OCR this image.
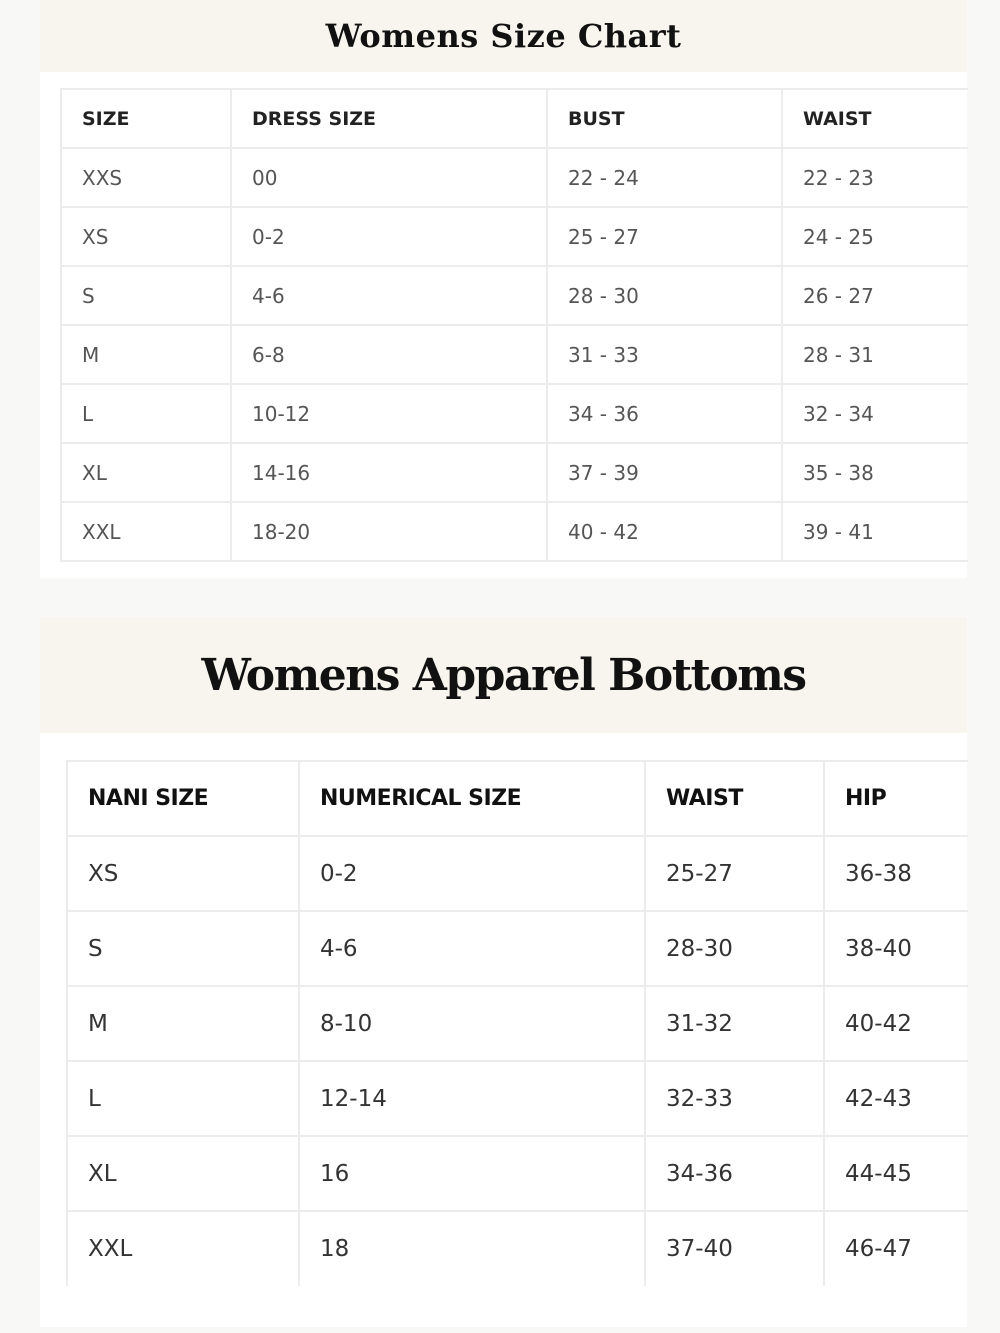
Womens Size Chart
SIZE	DRESS SIZE	BUST	WAIST
XXS	00	22 - 24	22 - 23
XS	0-2	25 - 27	24 - 25
S	4-6	28 - 30	26 - 27
M	6-8	31 - 33	28 - 31
L	10-12	34 - 36	32 - 34
XL	14-16	37 - 39	35 - 38
XXL	18-20	40 - 42	39 - 41
Womens Apparel Bottoms
NANI SIZE	NUMERICAL SIZE	WAIST	HIP
XS	0-2	25-27	36-38
S	4-6	28-30	38-40
M	8-10	31-32	40-42
L	12-14	32-33	42-43
XL	16	34-36	44-45
XXL	18	37-40	46-47
